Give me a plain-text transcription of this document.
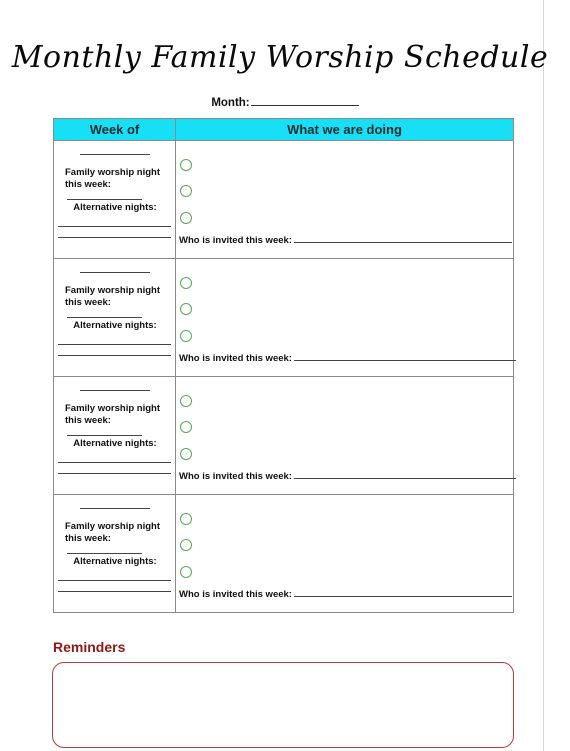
Monthly Family Worship Schedule
Month:
Week of	What we are doing

Family worship night this week:
Alternative nights:	Who is invited this week:

Family worship night this week:
Alternative nights:	Who is invited this week:

Family worship night this week:
Alternative nights:	Who is invited this week:

Family worship night this week:
Alternative nights:	Who is invited this week:
Reminders
